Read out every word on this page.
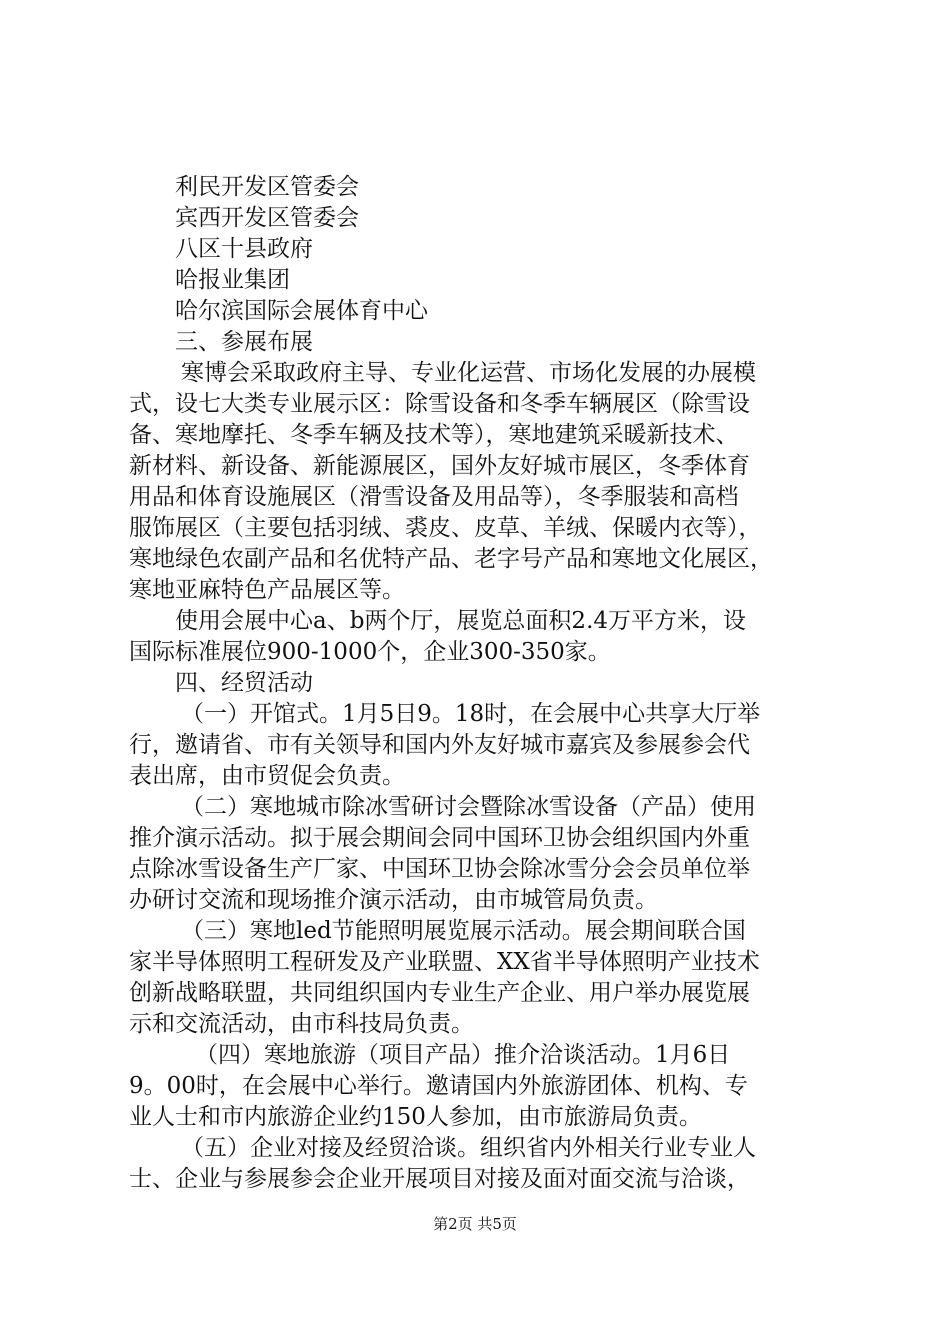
利民开发区管委会
宾西开发区管委会
八区十县政府
哈报业集团
哈尔滨国际会展体育中心
三、参展布展
寒博会采取政府主导、专业化运营、市场化发展的办展模
式，设七大类专业展示区：除雪设备和冬季车辆展区（除雪设
备、寒地摩托、冬季车辆及技术等），寒地建筑采暖新技术、
新材料、新设备、新能源展区，国外友好城市展区，冬季体育
用品和体育设施展区（滑雪设备及用品等），冬季服装和高档
服饰展区（主要包括羽绒、裘皮、皮草、羊绒、保暖内衣等），
寒地绿色农副产品和名优特产品、老字号产品和寒地文化展区，
寒地亚麻特色产品展区等。
使用会展中心a、b两个厅，展览总面积2.4万平方米，设
国际标准展位900-1000个，企业300-350家。
四、经贸活动
（一）开馆式。1月5日9。18时，在会展中心共享大厅举
行，邀请省、市有关领导和国内外友好城市嘉宾及参展参会代
表出席，由市贸促会负责。
（二）寒地城市除冰雪研讨会暨除冰雪设备（产品）使用
推介演示活动。拟于展会期间会同中国环卫协会组织国内外重
点除冰雪设备生产厂家、中国环卫协会除冰雪分会会员单位举
办研讨交流和现场推介演示活动，由市城管局负责。
（三）寒地led节能照明展览展示活动。展会期间联合国
家半导体照明工程研发及产业联盟、XX省半导体照明产业技术
创新战略联盟，共同组织国内专业生产企业、用户举办展览展
示和交流活动，由市科技局负责。
（四）寒地旅游（项目产品）推介洽谈活动。1月6日
9。00时，在会展中心举行。邀请国内外旅游团体、机构、专
业人士和市内旅游企业约150人参加，由市旅游局负责。
（五）企业对接及经贸洽谈。组织省内外相关行业专业人
士、企业与参展参会企业开展项目对接及面对面交流与洽谈，
第2页 共5页
